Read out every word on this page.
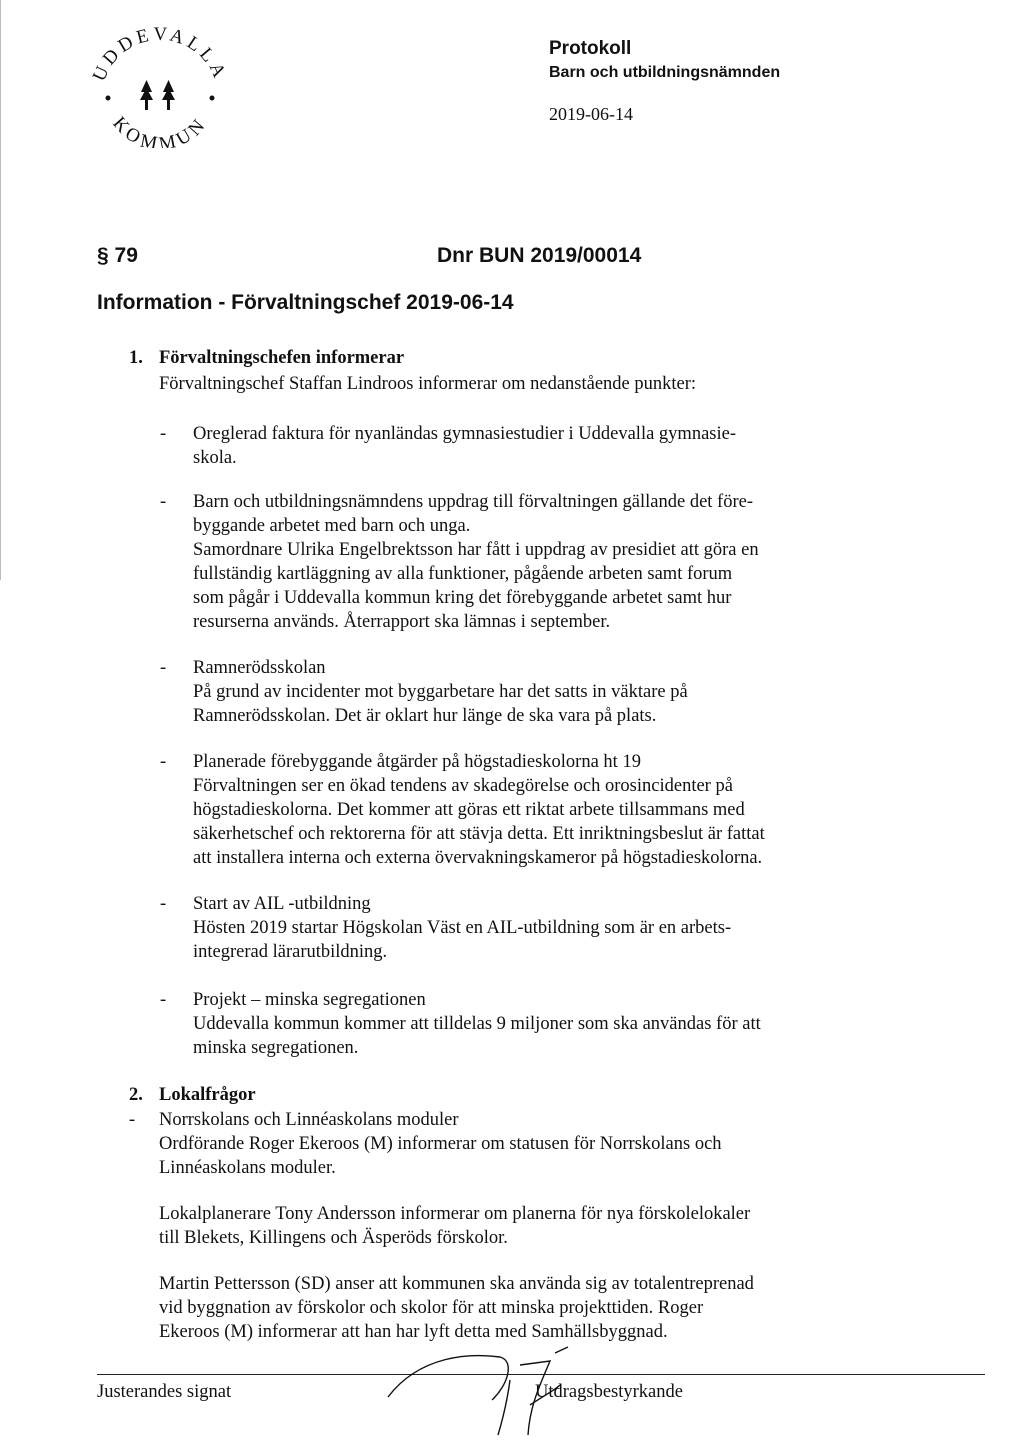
UDDEVALLA
KOMMUN
Protokoll
Barn och utbildningsnämnden
2019-06-14
§ 79	Dnr BUN 2019/00014
Information - Förvaltningschef 2019-06-14
1. Förvaltningschefen informerar
Förvaltningschef Staffan Lindroos informerar om nedanstående punkter:
- Oreglerad faktura för nyanländas gymnasiestudier i Uddevalla gymnasie-
skola.
- Barn och utbildningsnämndens uppdrag till förvaltningen gällande det före-
byggande arbetet med barn och unga.
Samordnare Ulrika Engelbrektsson har fått i uppdrag av presidiet att göra en
fullständig kartläggning av alla funktioner, pågående arbeten samt forum
som pågår i Uddevalla kommun kring det förebyggande arbetet samt hur
resurserna används. Återrapport ska lämnas i september.
- Ramnerödsskolan
På grund av incidenter mot byggarbetare har det satts in väktare på
Ramnerödsskolan. Det är oklart hur länge de ska vara på plats.
- Planerade förebyggande åtgärder på högstadieskolorna ht 19
Förvaltningen ser en ökad tendens av skadegörelse och orosincidenter på
högstadieskolorna. Det kommer att göras ett riktat arbete tillsammans med
säkerhetschef och rektorerna för att stävja detta. Ett inriktningsbeslut är fattat
att installera interna och externa övervakningskameror på högstadieskolorna.
- Start av AIL -utbildning
Hösten 2019 startar Högskolan Väst en AIL-utbildning som är en arbets-
integrerad lärarutbildning.
- Projekt – minska segregationen
Uddevalla kommun kommer att tilldelas 9 miljoner som ska användas för att
minska segregationen.
2. Lokalfrågor
- Norrskolans och Linnéaskolans moduler
Ordförande Roger Ekeroos (M) informerar om statusen för Norrskolans och
Linnéaskolans moduler.
Lokalplanerare Tony Andersson informerar om planerna för nya förskolelokaler
till Blekets, Killingens och Äsperöds förskolor.
Martin Pettersson (SD) anser att kommunen ska använda sig av totalentreprenad
vid byggnation av förskolor och skolor för att minska projekttiden. Roger
Ekeroos (M) informerar att han har lyft detta med Samhällsbyggnad.
Justerandes signat	Utdragsbestyrkande
